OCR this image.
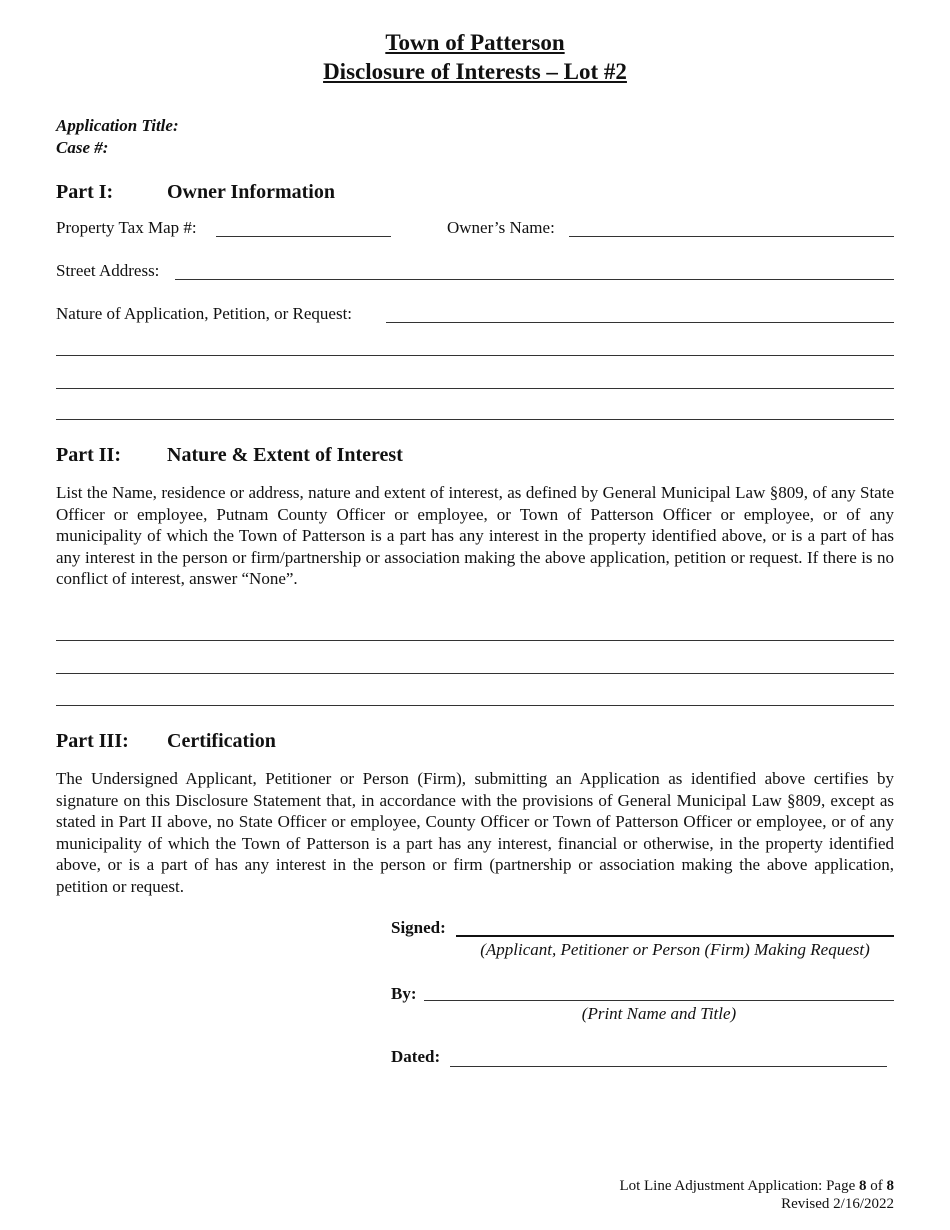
Town of Patterson
Disclosure of Interests – Lot #2
Application Title:
Case #:
Part I:	Owner Information
Property Tax Map #:	Owner’s Name:
Street Address:
Nature of Application, Petition, or Request:
Part II: Nature & Extent of Interest
List the Name, residence or address, nature and extent of interest, as defined by General Municipal Law §809, of any State Officer or employee, Putnam County Officer or employee, or Town of Patterson Officer or employee, or of any municipality of which the Town of Patterson is a part has any interest in the property identified above, or is a part of has any interest in the person or firm/partnership or association making the above application, petition or request. If there is no conflict of interest, answer “None”.
Part III: Certification
The Undersigned Applicant, Petitioner or Person (Firm), submitting an Application as identified above certifies by signature on this Disclosure Statement that, in accordance with the provisions of General Municipal Law §809, except as stated in Part II above, no State Officer or employee, County Officer or Town of Patterson Officer or employee, or of any municipality of which the Town of Patterson is a part has any interest, financial or otherwise, in the property identified above, or is a part of has any interest in the person or firm (partnership or association making the above application, petition or request.
Signed:
(Applicant, Petitioner or Person (Firm) Making Request)
By:
(Print Name and Title)
Dated:
Lot Line Adjustment Application: Page 8 of 8
Revised 2/16/2022
